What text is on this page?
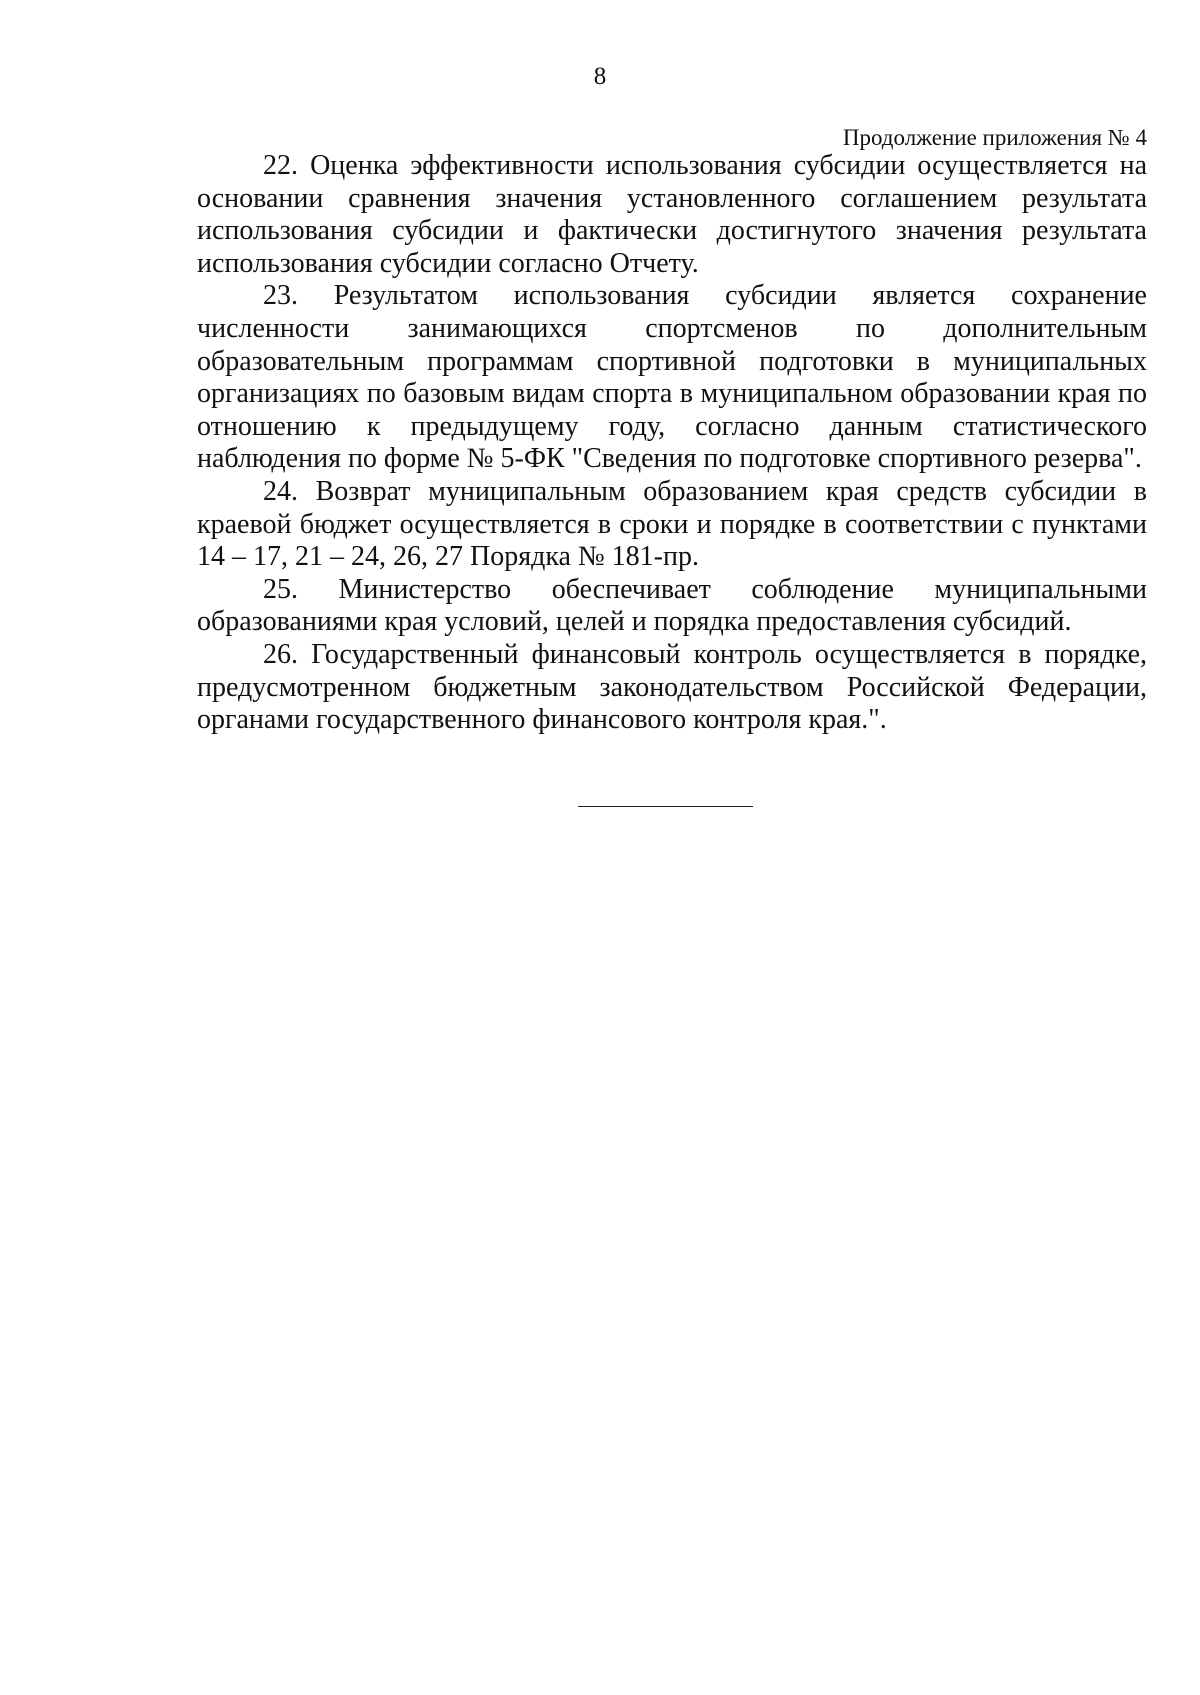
8
Продолжение приложения № 4

22. Оценка эффективности использования субсидии осуществляется на основании сравнения значения установленного соглашением результата использования субсидии и фактически достигнутого значения результата использования субсидии согласно Отчету.

23. Результатом использования субсидии является сохранение численности занимающихся спортсменов по дополнительным образовательным программам спортивной подготовки в муниципальных организациях по базовым видам спорта в муниципальном образовании края по отношению к предыдущему году, согласно данным статистического наблюдения по форме № 5-ФК "Сведения по подготовке спортивного резерва".

24. Возврат муниципальным образованием края средств субсидии в краевой бюджет осуществляется в сроки и порядке в соответствии с пунктами 14 – 17, 21 – 24, 26, 27 Порядка № 181-пр.

25. Министерство обеспечивает соблюдение муниципальными образованиями края условий, целей и порядка предоставления субсидий.

26. Государственный финансовый контроль осуществляется в порядке, предусмотренном бюджетным законодательством Российской Федерации, органами государственного финансового контроля края.".
